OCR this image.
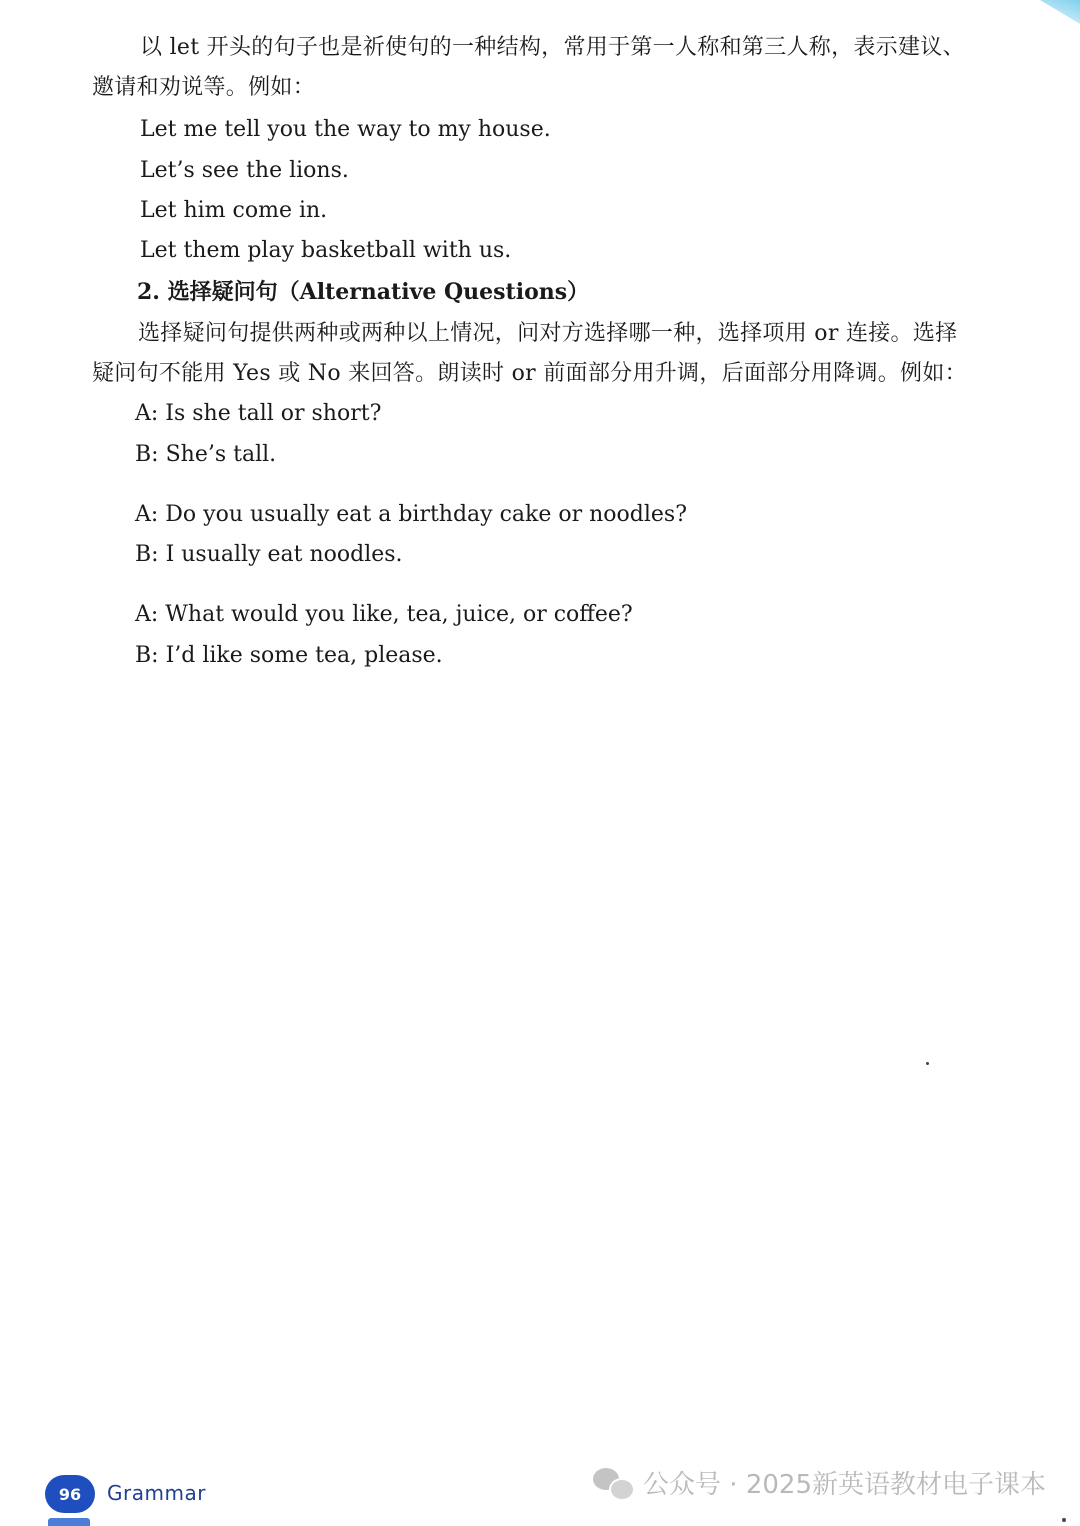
以 let 开头的句子也是祈使句的一种结构，常用于第一人称和第三人称，表示建议、邀请和劝说等。例如：

Let me tell you the way to my house.
Let’s see the lions.
Let him come in.
Let them play basketball with us.
2. 选择疑问句（Alternative Questions）

选择疑问句提供两种或两种以上情况，问对方选择哪一种，选择项用 or 连接。选择疑问句不能用 Yes 或 No 来回答。朗读时 or 前面部分用升调，后面部分用降调。例如：

A: Is she tall or short?
B: She’s tall.
A: Do you usually eat a birthday cake or noodles?
B: I usually eat noodles.
A: What would you like, tea, juice, or coffee?
B: I’d like some tea, please.
96	Grammar	公众号 · 2025新英语教材电子课本
